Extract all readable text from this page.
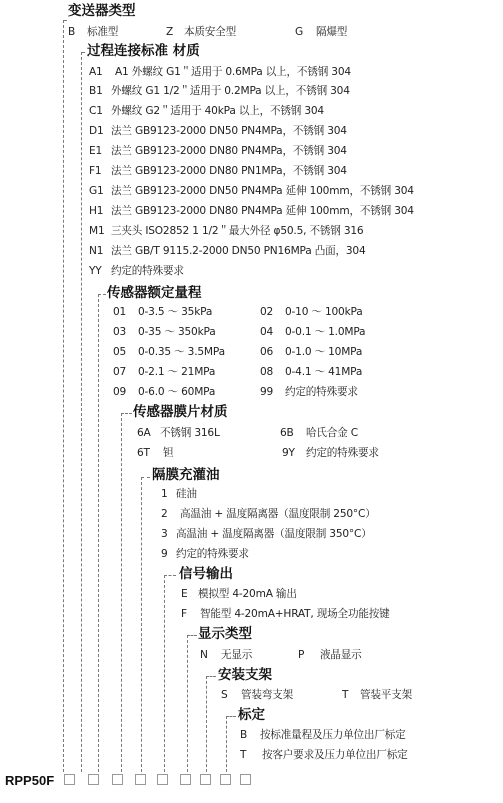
变送器类型
B 标准型	Z 本质安全型	G 隔爆型
过程连接标准 材质
A1 A1 外螺纹 G1＂适用于 0.6MPa 以上，不锈钢 304
B1 外螺纹 G1 1/2＂适用于 0.2MPa 以上，不锈钢 304
C1 外螺纹 G2＂适用于 40kPa 以上，不锈钢 304
D1 法兰 GB9123-2000 DN50 PN4MPa，不锈钢 304
E1 法兰 GB9123-2000 DN80 PN4MPa，不锈钢 304
F1 法兰 GB9123-2000 DN80 PN1MPa，不锈钢 304
G1 法兰 GB9123-2000 DN50 PN4MPa 延伸 100mm，不锈钢 304
H1 法兰 GB9123-2000 DN80 PN4MPa 延伸 100mm，不锈钢 304
M1 三夹头 ISO2852 1 1/2＂最大外径 φ50.5, 不锈钢 316
N1 法兰 GB/T 9115.2-2000 DN50 PN16MPa 凸面，304
YY 约定的特殊要求
传感器额定量程
01 0-3.5 ～ 35kPa	02 0-10 ～ 100kPa
03 0-35 ～ 350kPa	04 0-0.1 ～ 1.0MPa
05 0-0.35 ～ 3.5MPa	06 0-1.0 ～ 10MPa
07 0-2.1 ～ 21MPa	08 0-4.1 ～ 41MPa
09 0-6.0 ～ 60MPa	99 约定的特殊要求
传感器膜片材质
6A 不锈钢 316L	6B 哈氏合金 C
6T 钽	9Y 约定的特殊要求
隔膜充灌油
1 硅油
2 高温油 + 温度隔离器（温度限制 250°C）
3 高温油 + 温度隔离器（温度限制 350°C）
9 约定的特殊要求
信号输出
E 模拟型 4-20mA 输出
F 智能型 4-20mA+HRAT, 现场全功能按键
显示类型
N 无显示	P 液晶显示
安装支架
S 管装弯支架	T 管装平支架
标定
B 按标准量程及压力单位出厂标定
T 按客户要求及压力单位出厂标定
RPP50F
